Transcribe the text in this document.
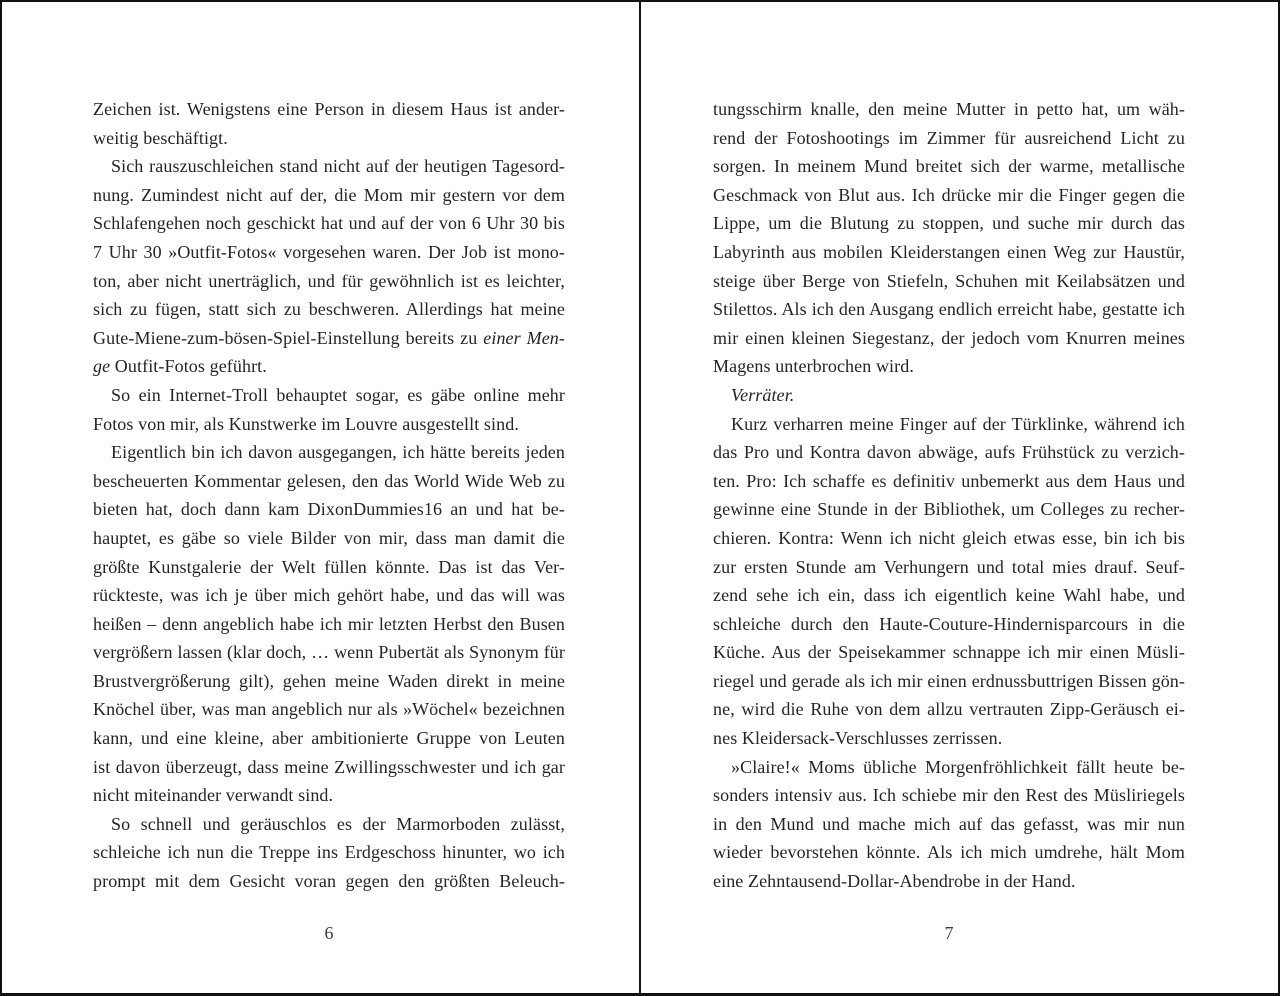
Zeichen ist. Wenigstens eine Person in diesem Haus ist ander-
weitig beschäftigt.
Sich rauszuschleichen stand nicht auf der heutigen Tagesord-
nung. Zumindest nicht auf der, die Mom mir gestern vor dem
Schlafengehen noch geschickt hat und auf der von 6 Uhr 30 bis
7 Uhr 30 »Outfit-Fotos« vorgesehen waren. Der Job ist mono-
ton, aber nicht unerträglich, und für gewöhnlich ist es leichter,
sich zu fügen, statt sich zu beschweren. Allerdings hat meine
Gute-Miene-zum-bösen-Spiel-Einstellung bereits zu einer Men-
ge Outfit-Fotos geführt.
So ein Internet-Troll behauptet sogar, es gäbe online mehr
Fotos von mir, als Kunstwerke im Louvre ausgestellt sind.
Eigentlich bin ich davon ausgegangen, ich hätte bereits jeden
bescheuerten Kommentar gelesen, den das World Wide Web zu
bieten hat, doch dann kam DixonDummies16 an und hat be-
hauptet, es gäbe so viele Bilder von mir, dass man damit die
größte Kunstgalerie der Welt füllen könnte. Das ist das Ver-
rückteste, was ich je über mich gehört habe, und das will was
heißen – denn angeblich habe ich mir letzten Herbst den Busen
vergrößern lassen (klar doch, … wenn Pubertät als Synonym für
Brustvergrößerung gilt), gehen meine Waden direkt in meine
Knöchel über, was man angeblich nur als »Wöchel« bezeichnen
kann, und eine kleine, aber ambitionierte Gruppe von Leuten
ist davon überzeugt, dass meine Zwillingsschwester und ich gar
nicht miteinander verwandt sind.
So schnell und geräuschlos es der Marmorboden zulässt,
schleiche ich nun die Treppe ins Erdgeschoss hinunter, wo ich
prompt mit dem Gesicht voran gegen den größten Beleuch-
6
tungsschirm knalle, den meine Mutter in petto hat, um wäh-
rend der Fotoshootings im Zimmer für ausreichend Licht zu
sorgen. In meinem Mund breitet sich der warme, metallische
Geschmack von Blut aus. Ich drücke mir die Finger gegen die
Lippe, um die Blutung zu stoppen, und suche mir durch das
Labyrinth aus mobilen Kleiderstangen einen Weg zur Haustür,
steige über Berge von Stiefeln, Schuhen mit Keilabsätzen und
Stilettos. Als ich den Ausgang endlich erreicht habe, gestatte ich
mir einen kleinen Siegestanz, der jedoch vom Knurren meines
Magens unterbrochen wird.
Verräter.
Kurz verharren meine Finger auf der Türklinke, während ich
das Pro und Kontra davon abwäge, aufs Frühstück zu verzich-
ten. Pro: Ich schaffe es definitiv unbemerkt aus dem Haus und
gewinne eine Stunde in der Bibliothek, um Colleges zu recher-
chieren. Kontra: Wenn ich nicht gleich etwas esse, bin ich bis
zur ersten Stunde am Verhungern und total mies drauf. Seuf-
zend sehe ich ein, dass ich eigentlich keine Wahl habe, und
schleiche durch den Haute-Couture-Hindernisparcours in die
Küche. Aus der Speisekammer schnappe ich mir einen Müsli-
riegel und gerade als ich mir einen erdnussbuttrigen Bissen gön-
ne, wird die Ruhe von dem allzu vertrauten Zipp-Geräusch ei-
nes Kleidersack-Verschlusses zerrissen.
»Claire!« Moms übliche Morgenfröhlichkeit fällt heute be-
sonders intensiv aus. Ich schiebe mir den Rest des Müsliriegels
in den Mund und mache mich auf das gefasst, was mir nun
wieder bevorstehen könnte. Als ich mich umdrehe, hält Mom
eine Zehntausend-Dollar-Abendrobe in der Hand.
7
